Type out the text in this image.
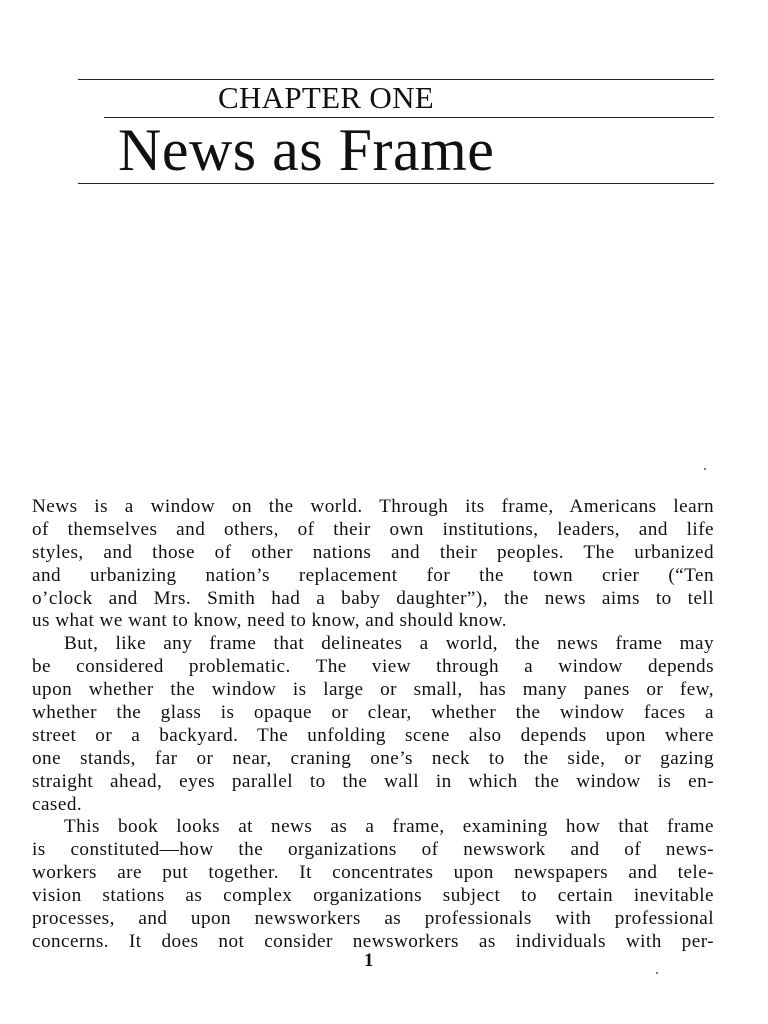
CHAPTER ONE
News as Frame
News is a window on the world. Through its frame, Americans learn
of themselves and others, of their own institutions, leaders, and life
styles, and those of other nations and their peoples. The urbanized
and urbanizing nation’s replacement for the town crier (“Ten
o’clock and Mrs. Smith had a baby daughter”), the news aims to tell
us what we want to know, need to know, and should know.
But, like any frame that delineates a world, the news frame may
be considered problematic. The view through a window depends
upon whether the window is large or small, has many panes or few,
whether the glass is opaque or clear, whether the window faces a
street or a backyard. The unfolding scene also depends upon where
one stands, far or near, craning one’s neck to the side, or gazing
straight ahead, eyes parallel to the wall in which the window is en-
cased.
This book looks at news as a frame, examining how that frame
is constituted—how the organizations of newswork and of news-
workers are put together. It concentrates upon newspapers and tele-
vision stations as complex organizations subject to certain inevitable
processes, and upon newsworkers as professionals with professional
concerns. It does not consider newsworkers as individuals with per-
1
